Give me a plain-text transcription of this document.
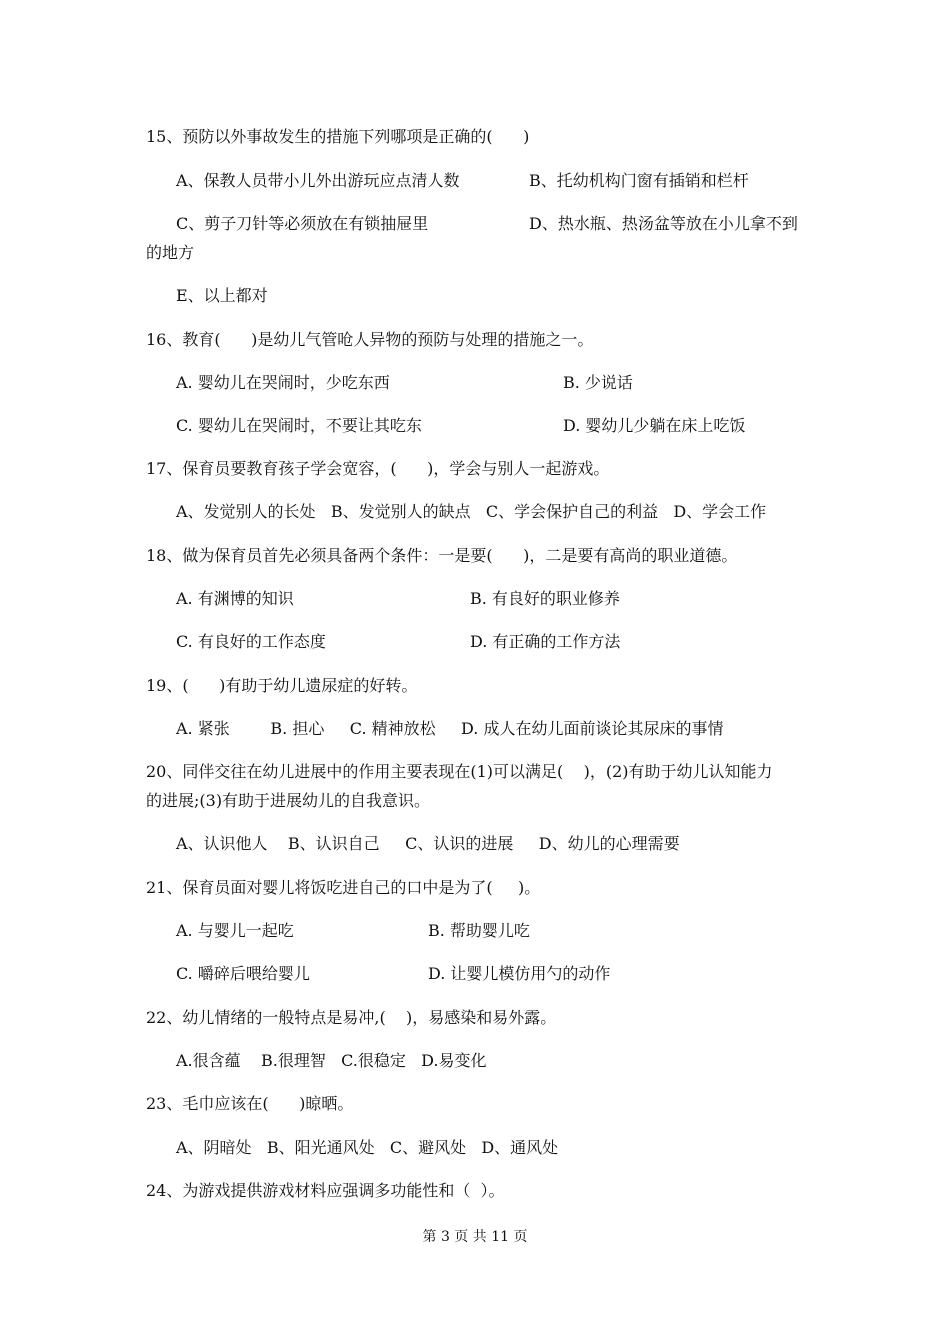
15、预防以外事故发生的措施下列哪项是正确的(      )
A、保教人员带小儿外出游玩应点清人数	B、托幼机构门窗有插销和栏杆
C、剪子刀针等必须放在有锁抽屉里	D、热水瓶、热汤盆等放在小儿拿不到
的地方
E、以上都对
16、教育(      )是幼儿气管呛人异物的预防与处理的措施之一。
A. 婴幼儿在哭闹时，少吃东西	B. 少说话
C. 婴幼儿在哭闹时，不要让其吃东	D. 婴幼儿少躺在床上吃饭
17、保育员要教育孩子学会宽容，(      )，学会与别人一起游戏。
A、发觉别人的长处   B、发觉别人的缺点   C、学会保护自己的利益   D、学会工作
18、做为保育员首先必须具备两个条件：一是要(      )，二是要有高尚的职业道德。
A. 有渊博的知识	B. 有良好的职业修养
C. 有良好的工作态度	D. 有正确的工作方法
19、(      )有助于幼儿遗尿症的好转。
A. 紧张        B. 担心     C. 精神放松     D. 成人在幼儿面前谈论其尿床的事情
20、同伴交往在幼儿进展中的作用主要表现在(1)可以满足(    )，(2)有助于幼儿认知能力
的进展;(3)有助于进展幼儿的自我意识。
A、认识他人    B、认识自己     C、认识的进展     D、幼儿的心理需要
21、保育员面对婴儿将饭吃进自己的口中是为了(     )。
A. 与婴儿一起吃	B. 帮助婴儿吃
C. 嚼碎后喂给婴儿	D. 让婴儿模仿用勺的动作
22、幼儿情绪的一般特点是易冲,(    )，易感染和易外露。
A.很含蕴    B.很理智   C.很稳定   D.易变化
23、毛巾应该在(      )晾晒。
A、阴暗处   B、阳光通风处   C、避风处   D、通风处
24、为游戏提供游戏材料应强调多功能性和（  ）。
第 3 页 共 11 页
